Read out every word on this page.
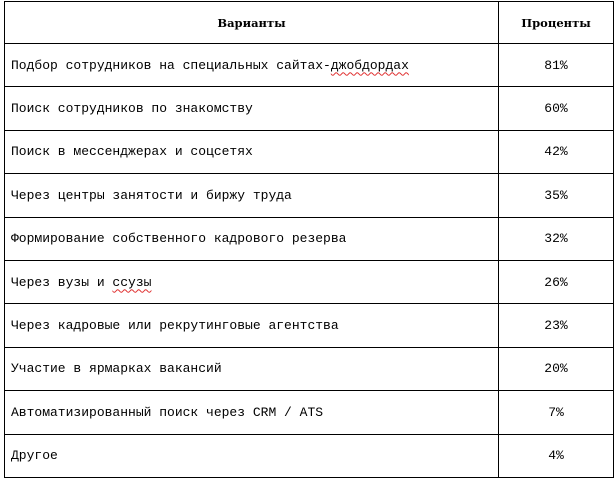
Варианты	Проценты
Подбор сотрудников на специальных сайтах-джобдордах	81%
Поиск сотрудников по знакомству	60%
Поиск в мессенджерах и соцсетях	42%
Через центры занятости и биржу труда	35%
Формирование собственного кадрового резерва	32%
Через вузы и ссузы	26%
Через кадровые или рекрутинговые агентства	23%
Участие в ярмарках вакансий	20%
Автоматизированный поиск через CRM / ATS	7%
Другое	4%
